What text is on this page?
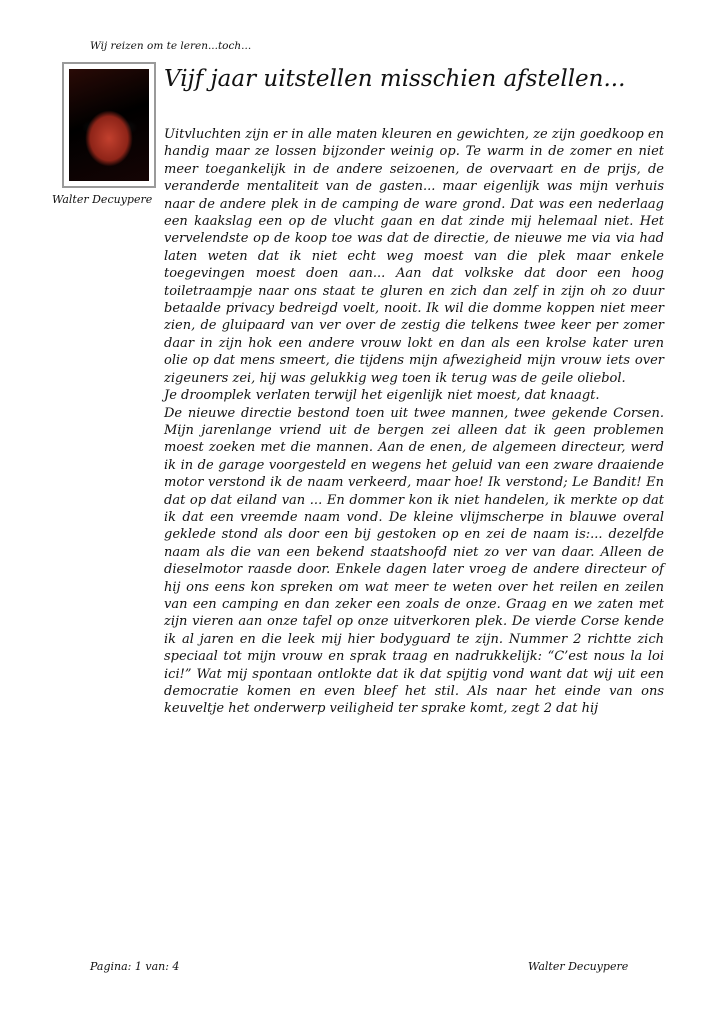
Wij reizen om te leren...toch...
Walter Decuypere
Vijf jaar uitstellen misschien afstellen...

Uitvluchten zijn er in alle maten kleuren en gewichten, ze zijn goedkoop en handig maar ze lossen bijzonder weinig op. Te warm in de zomer en niet meer toegankelijk in de andere seizoenen, de overvaart en de prijs, de veranderde mentaliteit van de gasten... maar eigenlijk was mijn verhuis naar de andere plek in de camping de ware grond. Dat was een nederlaag een kaakslag een op de vlucht gaan en dat zinde mij helemaal niet. Het vervelendste op de koop toe was dat de directie, de nieuwe me via via had laten weten dat ik niet echt weg moest van die plek maar enkele toegevingen moest doen aan... Aan dat volkske dat door een hoog toiletraampje naar ons staat te gluren en zich dan zelf in zijn oh zo duur betaalde privacy bedreigd voelt, nooit. Ik wil die domme koppen niet meer zien, de gluipaard van ver over de zestig die telkens twee keer per zomer daar in zijn hok een andere vrouw lokt en dan als een krolse kater uren olie op dat mens smeert, die tijdens mijn afwezigheid mijn vrouw iets over zigeuners zei, hij was gelukkig weg toen ik terug was de geile oliebol.

Je droomplek verlaten terwijl het eigenlijk niet moest, dat knaagt.

De nieuwe directie bestond toen uit twee mannen, twee gekende Corsen. Mijn jarenlange vriend uit de bergen zei alleen dat ik geen problemen moest zoeken met die mannen. Aan de enen, de algemeen directeur, werd ik in de garage voorgesteld en wegens het geluid van een zware draaiende motor verstond ik de naam verkeerd, maar hoe! Ik verstond; Le Bandit! En dat op dat eiland van ... En dommer kon ik niet handelen, ik merkte op dat ik dat een vreemde naam vond. De kleine vlijmscherpe in blauwe overal geklede stond als door een bij gestoken op en zei de naam is:... dezelfde naam als die van een bekend staatshoofd niet zo ver van daar. Alleen de dieselmotor raasde door. Enkele dagen later vroeg de andere directeur of hij ons eens kon spreken om wat meer te weten over het reilen en zeilen van een camping en dan zeker een zoals de onze. Graag en we zaten met zijn vieren aan onze tafel op onze uitverkoren plek. De vierde Corse kende ik al jaren en die leek mij hier bodyguard te zijn. Nummer 2 richtte zich speciaal tot mijn vrouw en sprak traag en nadrukkelijk: “C’est nous la loi ici!” Wat mij spontaan ontlokte dat ik dat spijtig vond want dat wij uit een democratie komen en even bleef het stil. Als naar het einde van ons keuveltje het onderwerp veiligheid ter sprake komt, zegt 2 dat hij

Pagina: 1 van: 4	Walter Decuypere
